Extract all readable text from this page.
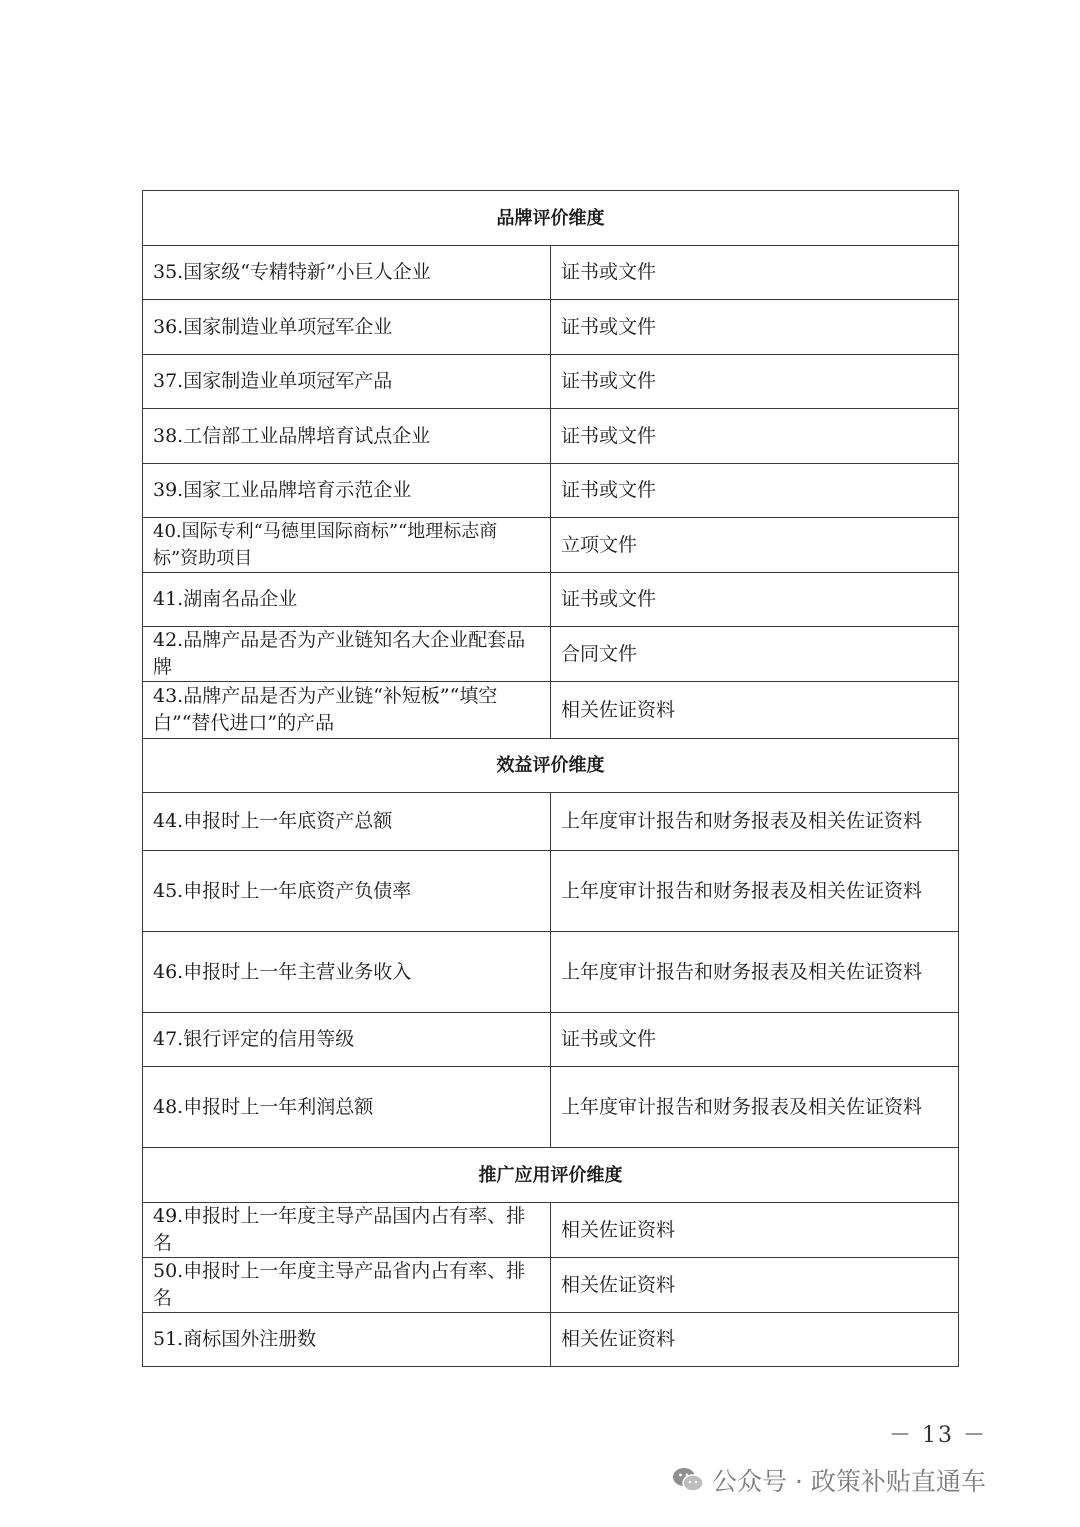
品牌评价维度	
35.国家级“专精特新”小巨人企业	证书或文件
36.国家制造业单项冠军企业	证书或文件
37.国家制造业单项冠军产品	证书或文件
38.工信部工业品牌培育试点企业	证书或文件
39.国家工业品牌培育示范企业	证书或文件
40.国际专利“马德里国际商标”“地理标志商标”资助项目	立项文件
41.湖南名品企业	证书或文件
42.品牌产品是否为产业链知名大企业配套品牌	合同文件
43.品牌产品是否为产业链“补短板”“填空白”“替代进口”的产品	相关佐证资料
效益评价维度	
44.申报时上一年底资产总额	上年度审计报告和财务报表及相关佐证资料
45.申报时上一年底资产负债率	上年度审计报告和财务报表及相关佐证资料
46.申报时上一年主营业务收入	上年度审计报告和财务报表及相关佐证资料
47.银行评定的信用等级	证书或文件
48.申报时上一年利润总额	上年度审计报告和财务报表及相关佐证资料
推广应用评价维度	
49.申报时上一年度主导产品国内占有率、排名	相关佐证资料
50.申报时上一年度主导产品省内占有率、排名	相关佐证资料
51.商标国外注册数	相关佐证资料
－ 13 －
公众号 · 政策补贴直通车
